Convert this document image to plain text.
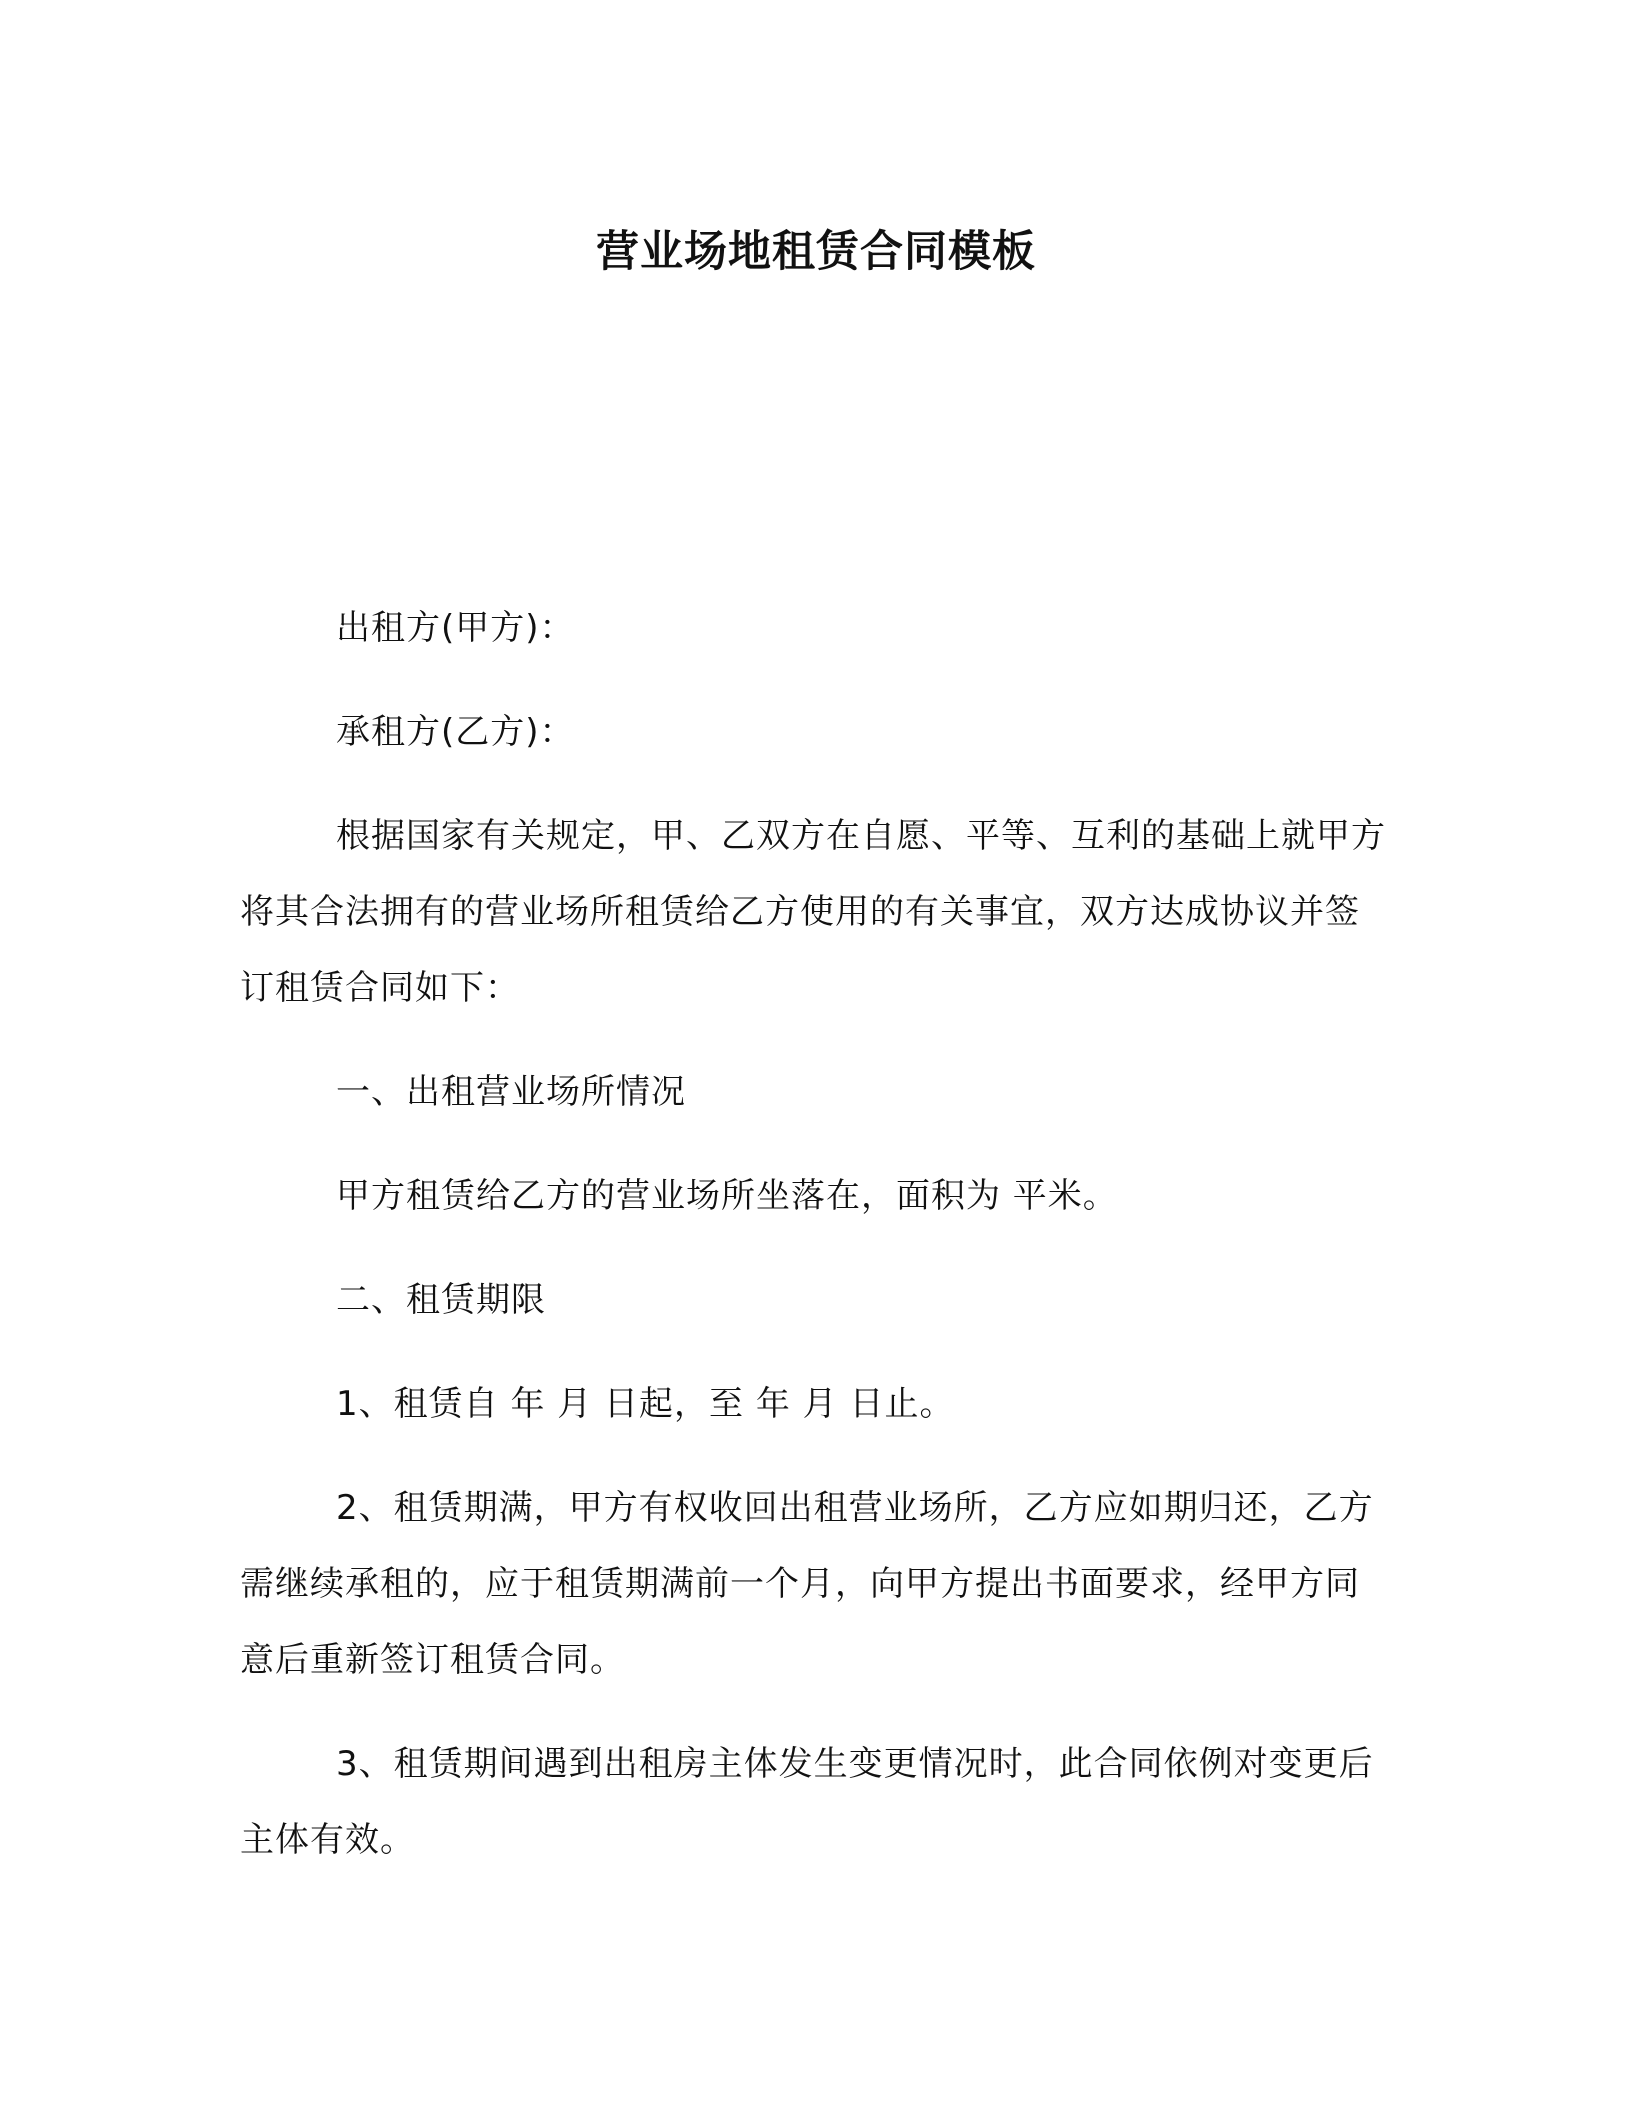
营业场地租赁合同模板

出租方(甲方)：

承租方(乙方)：

根据国家有关规定，甲、乙双方在自愿、平等、互利的基础上就甲方将其合法拥有的营业场所租赁给乙方使用的有关事宜，双方达成协议并签订租赁合同如下：

一、出租营业场所情况

甲方租赁给乙方的营业场所坐落在，面积为 平米。

二、租赁期限

1、租赁自 年 月 日起，至 年 月 日止。

2、租赁期满，甲方有权收回出租营业场所，乙方应如期归还，乙方需继续承租的，应于租赁期满前一个月，向甲方提出书面要求，经甲方同意后重新签订租赁合同。

3、租赁期间遇到出租房主体发生变更情况时，此合同依例对变更后主体有效。
